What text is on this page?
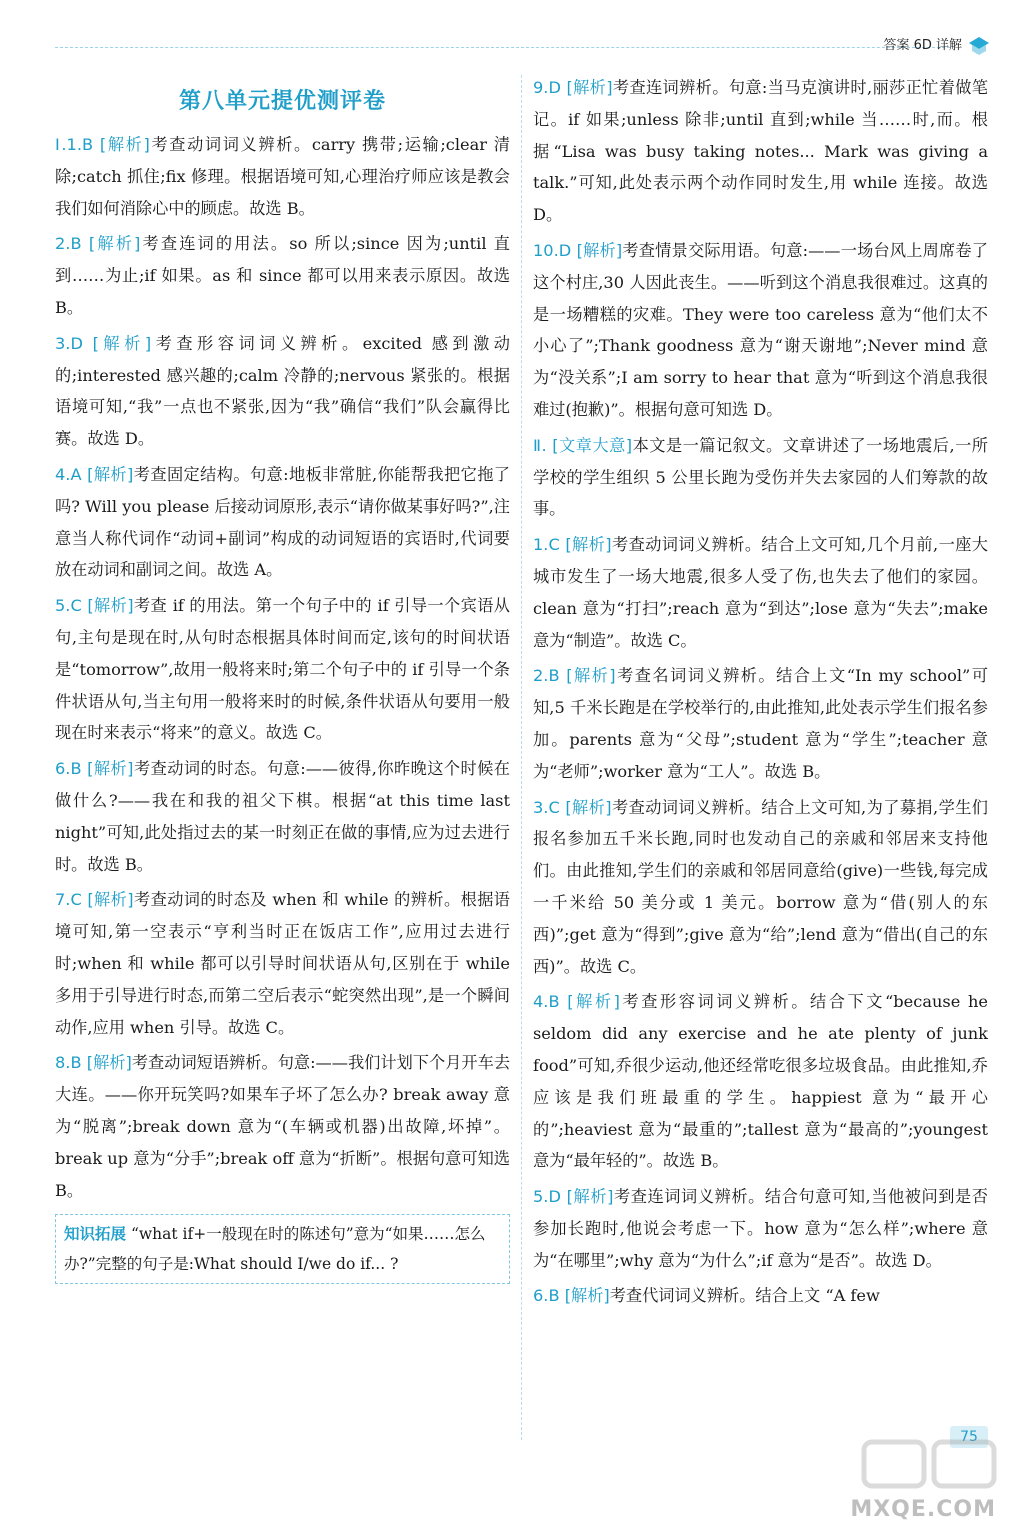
答案 6D 详解
第八单元提优测评卷

Ⅰ.1.B [解析]考查动词词义辨析。carry 携带;运输;clear 清除;catch 抓住;fix 修理。根据语境可知,心理治疗师应该是教会我们如何消除心中的顾虑。故选 B。

2.B [解析]考查连词的用法。so 所以;since 因为;until 直到……为止;if 如果。as 和 since 都可以用来表示原因。故选 B。

3.D [解析]考查形容词词义辨析。excited 感到激动的;interested 感兴趣的;calm 冷静的;nervous 紧张的。根据语境可知,“我”一点也不紧张,因为“我”确信“我们”队会赢得比赛。故选 D。

4.A [解析]考查固定结构。句意:地板非常脏,你能帮我把它拖了吗? Will you please 后接动词原形,表示“请你做某事好吗?”,注意当人称代词作“动词+副词”构成的动词短语的宾语时,代词要放在动词和副词之间。故选 A。

5.C [解析]考查 if 的用法。第一个句子中的 if 引导一个宾语从句,主句是现在时,从句时态根据具体时间而定,该句的时间状语是“tomorrow”,故用一般将来时;第二个句子中的 if 引导一个条件状语从句,当主句用一般将来时的时候,条件状语从句要用一般现在时来表示“将来”的意义。故选 C。

6.B [解析]考查动词的时态。句意:——彼得,你昨晚这个时候在做什么?——我在和我的祖父下棋。根据“at this time last night”可知,此处指过去的某一时刻正在做的事情,应为过去进行时。故选 B。

7.C [解析]考查动词的时态及 when 和 while 的辨析。根据语境可知,第一空表示“亨利当时正在饭店工作”,应用过去进行时;when 和 while 都可以引导时间状语从句,区别在于 while 多用于引导进行时态,而第二空后表示“蛇突然出现”,是一个瞬间动作,应用 when 引导。故选 C。

8.B [解析]考查动词短语辨析。句意:——我们计划下个月开车去大连。——你开玩笑吗?如果车子坏了怎么办? break away 意为“脱离”;break down 意为“(车辆或机器)出故障,坏掉”。break up 意为“分手”;break off 意为“折断”。根据句意可知选 B。

知识拓展 “what if+一般现在时的陈述句”意为“如果……怎么办?”完整的句子是:What should I/we do if... ?

9.D [解析]考查连词辨析。句意:当马克演讲时,丽莎正忙着做笔记。if 如果;unless 除非;until 直到;while 当……时,而。根据“Lisa was busy taking notes... Mark was giving a talk.”可知,此处表示两个动作同时发生,用 while 连接。故选 D。

10.D [解析]考查情景交际用语。句意:——一场台风上周席卷了这个村庄,30 人因此丧生。——听到这个消息我很难过。这真的是一场糟糕的灾难。They were too careless 意为“他们太不小心了”;Thank goodness 意为“谢天谢地”;Never mind 意为“没关系”;I am sorry to hear that 意为“听到这个消息我很难过(抱歉)”。根据句意可知选 D。

Ⅱ. [文章大意]本文是一篇记叙文。文章讲述了一场地震后,一所学校的学生组织 5 公里长跑为受伤并失去家园的人们筹款的故事。

1.C [解析]考查动词词义辨析。结合上文可知,几个月前,一座大城市发生了一场大地震,很多人受了伤,也失去了他们的家园。clean 意为“打扫”;reach 意为“到达”;lose 意为“失去”;make 意为“制造”。故选 C。

2.B [解析]考查名词词义辨析。结合上文“In my school”可知,5 千米长跑是在学校举行的,由此推知,此处表示学生们报名参加。parents 意为“父母”;student 意为“学生”;teacher 意为“老师”;worker 意为“工人”。故选 B。

3.C [解析]考查动词词义辨析。结合上文可知,为了募捐,学生们报名参加五千米长跑,同时也发动自己的亲戚和邻居来支持他们。由此推知,学生们的亲戚和邻居同意给(give)一些钱,每完成一千米给 50 美分或 1 美元。borrow 意为“借(别人的东西)”;get 意为“得到”;give 意为“给”;lend 意为“借出(自己的东西)”。故选 C。

4.B [解析]考查形容词词义辨析。结合下文“because he seldom did any exercise and he ate plenty of junk food”可知,乔很少运动,他还经常吃很多垃圾食品。由此推知,乔应该是我们班最重的学生。happiest 意为“最开心的”;heaviest 意为“最重的”;tallest 意为“最高的”;youngest 意为“最年轻的”。故选 B。

5.D [解析]考查连词词义辨析。结合句意可知,当他被问到是否参加长跑时,他说会考虑一下。how 意为“怎么样”;where 意为“在哪里”;why 意为“为什么”;if 意为“是否”。故选 D。

6.B [解析]考查代词词义辨析。结合上文 “A few

75
MXQE.COM
